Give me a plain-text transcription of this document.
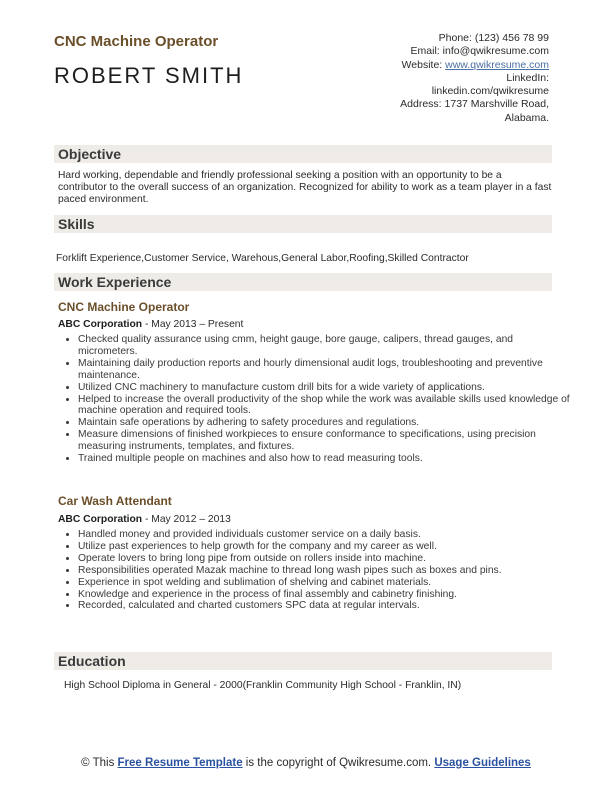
CNC Machine Operator
ROBERT SMITH
Phone: (123) 456 78 99
Email: info@qwikresume.com
Website: www.qwikresume.com
LinkedIn:
linkedin.com/qwikresume
Address: 1737 Marshville Road,
Alabama.
Objective
Hard working, dependable and friendly professional seeking a position with an opportunity to be a contributor to the overall success of an organization. Recognized for ability to work as a team player in a fast paced environment.
Skills
Forklift Experience,Customer Service, Warehous,General Labor,Roofing,Skilled Contractor
Work Experience
CNC Machine Operator
ABC Corporation - May 2013 – Present
• Checked quality assurance using cmm, height gauge, bore gauge, calipers, thread gauges, and micrometers.
• Maintaining daily production reports and hourly dimensional audit logs, troubleshooting and preventive maintenance.
• Utilized CNC machinery to manufacture custom drill bits for a wide variety of applications.
• Helped to increase the overall productivity of the shop while the work was available skills used knowledge of machine operation and required tools.
• Maintain safe operations by adhering to safety procedures and regulations.
• Measure dimensions of finished workpieces to ensure conformance to specifications, using precision measuring instruments, templates, and fixtures.
• Trained multiple people on machines and also how to read measuring tools.
Car Wash Attendant
ABC Corporation - May 2012 – 2013
• Handled money and provided individuals customer service on a daily basis.
• Utilize past experiences to help growth for the company and my career as well.
• Operate lovers to bring long pipe from outside on rollers inside into machine.
• Responsibilities operated Mazak machine to thread long wash pipes such as boxes and pins.
• Experience in spot welding and sublimation of shelving and cabinet materials.
• Knowledge and experience in the process of final assembly and cabinetry finishing.
• Recorded, calculated and charted customers SPC data at regular intervals.
Education
High School Diploma in General - 2000(Franklin Community High School - Franklin, IN)
© This Free Resume Template is the copyright of Qwikresume.com. Usage Guidelines
